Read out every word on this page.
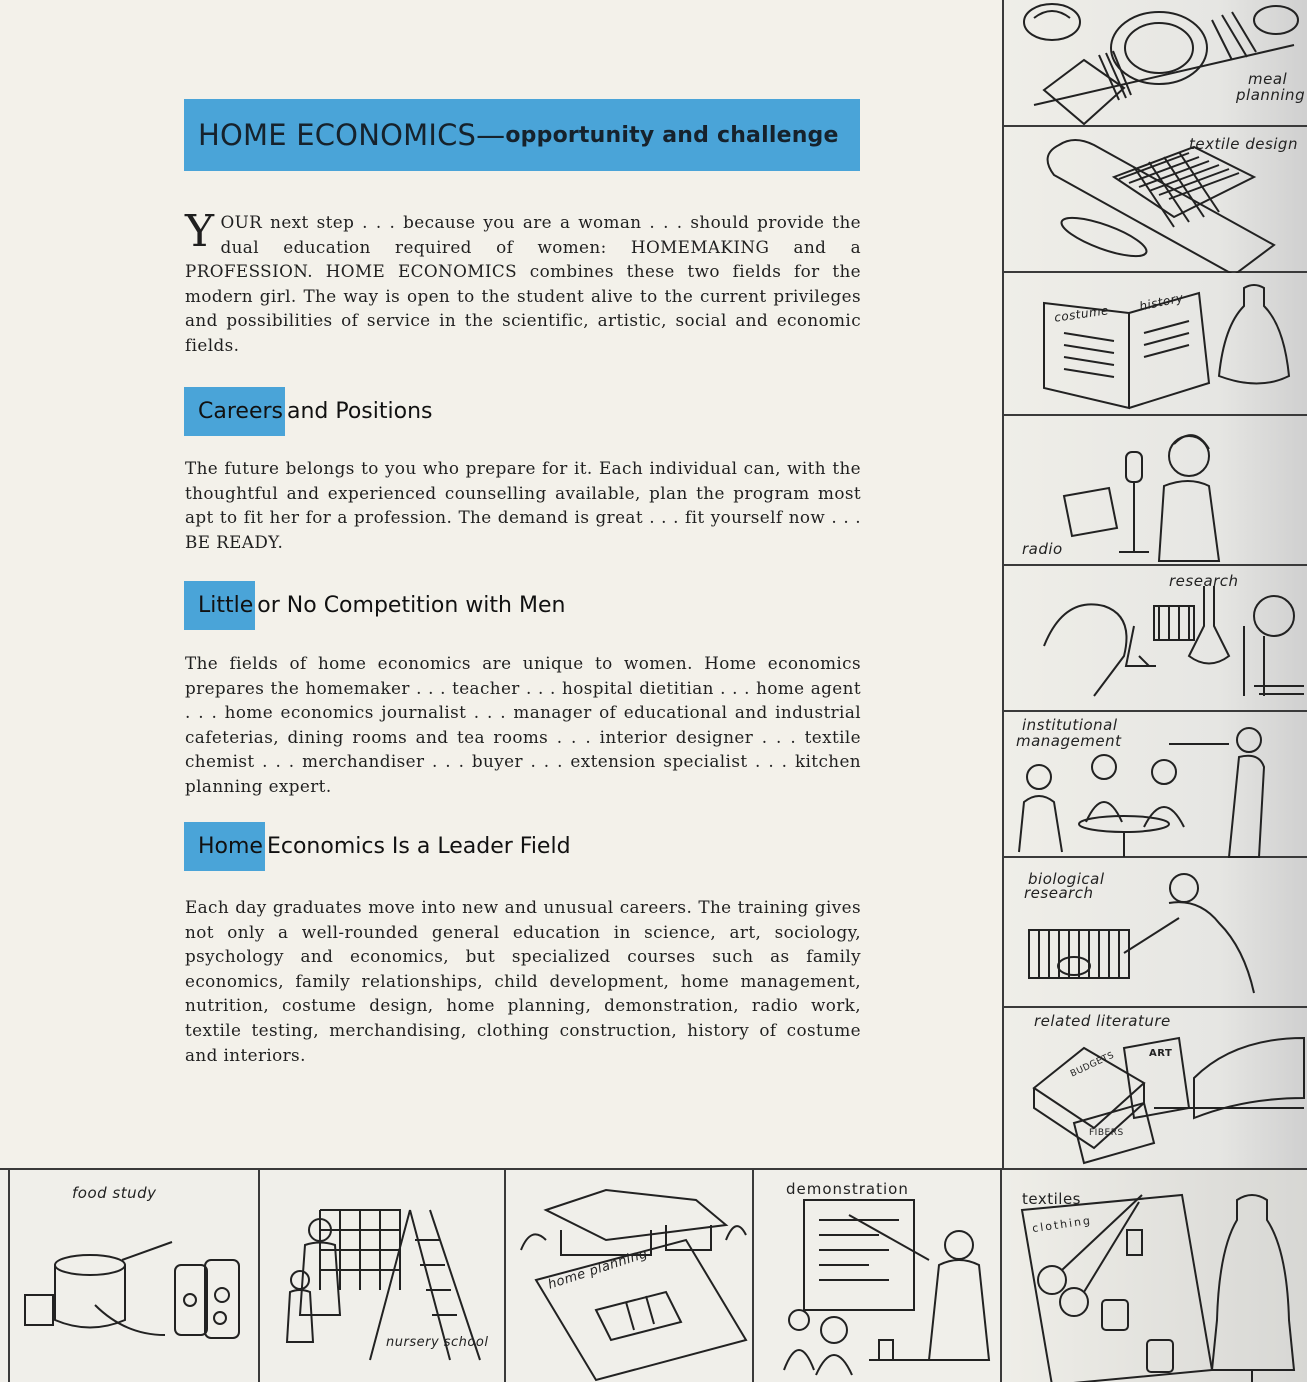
HOME ECONOMICS — opportunity and challenge

YOUR next step . . . because you are a woman . . . should provide the dual education required of women: HOMEMAKING and a PROFESSION. HOME ECONOMICS combines these two fields for the modern girl. The way is open to the student alive to the current privileges and possibilities of service in the scientific, artistic, social and economic fields.

Careers and Positions

The future belongs to you who prepare for it. Each individual can, with the thoughtful and experienced counselling available, plan the program most apt to fit her for a profession. The demand is great . . . fit yourself now . . . BE READY.

Little or No Competition with Men

The fields of home economics are unique to women. Home economics prepares the homemaker . . . teacher . . . hospital dietitian . . . home agent . . . home economics journalist . . . manager of educational and industrial cafeterias, dining rooms and tea rooms . . . interior designer . . . textile chemist . . . merchandiser . . . buyer . . . extension specialist . . . kitchen planning expert.

Home Economics Is a Leader Field

Each day graduates move into new and unusual careers. The training gives not only a well-rounded general education in science, art, sociology, psychology and economics, but specialized courses such as family economics, family relationships, child development, home management, nutrition, costume design, home planning, demonstration, radio work, textile testing, merchandising, clothing construction, history of costume and interiors.

meal
planning
textile design
costume
history
radio
research
institutional
management
biological
research
related literature
BUDGETS	ART
FIBERS
food study
nursery school
home planning
demonstration
textiles
clothing
